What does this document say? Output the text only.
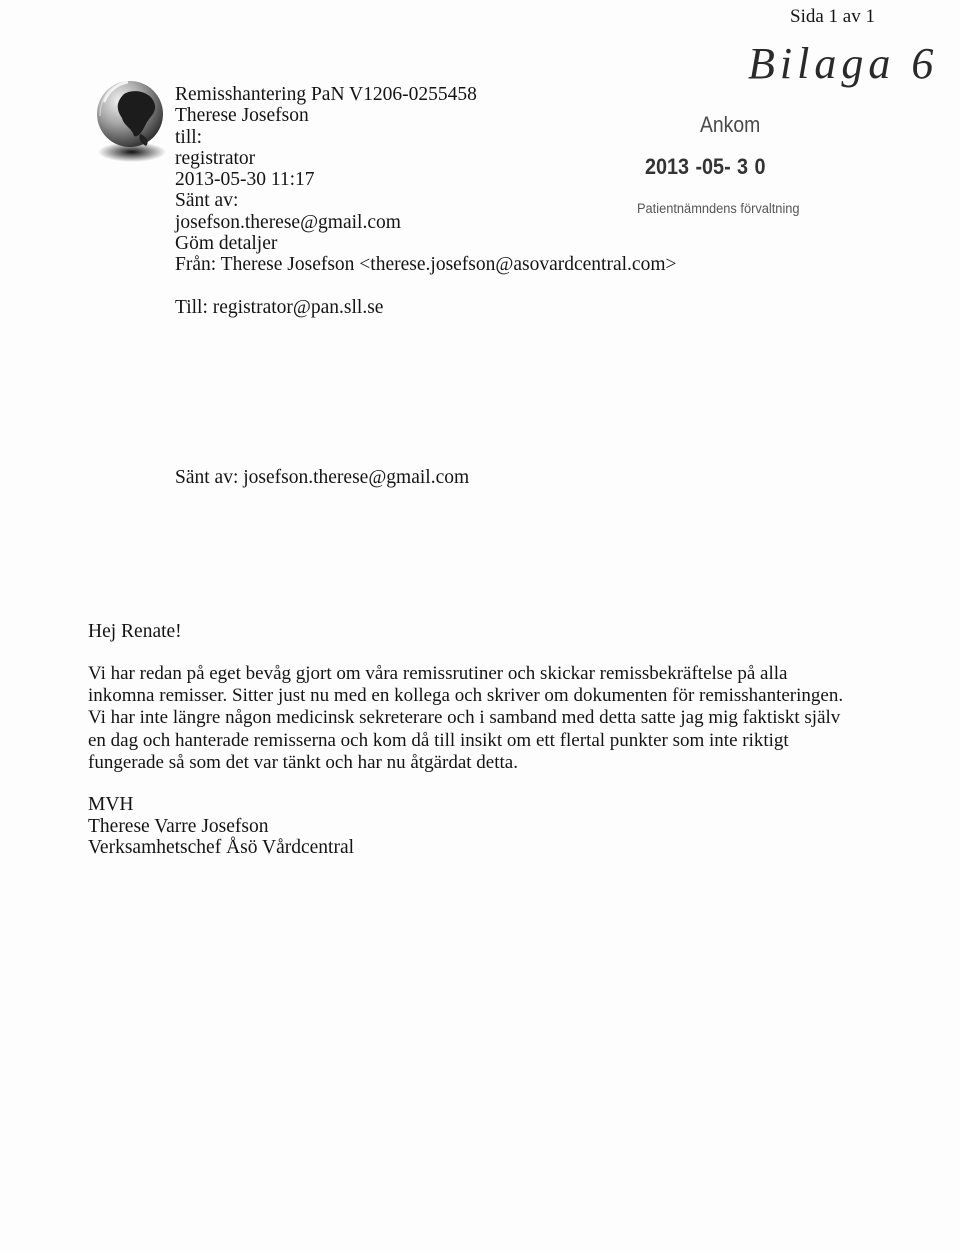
Sida 1 av 1
Bilaga 6
Remisshantering PaN V1206-0255458
Therese Josefson
till:
registrator
2013-05-30 11:17
Sänt av:
josefson.therese@gmail.com
Göm detaljer
Från: Therese Josefson <therese.josefson@asovardcentral.com>
Till: registrator@pan.sll.se
Sänt av: josefson.therese@gmail.com
Ankom
2013 -05- 3 0
Patientnämndens förvaltning
Hej Renate!
Vi har redan på eget bevåg gjort om våra remissrutiner och skickar remissbekräftelse på alla
inkomna remisser. Sitter just nu med en kollega och skriver om dokumenten för remisshanteringen.
Vi har inte längre någon medicinsk sekreterare och i samband med detta satte jag mig faktiskt själv
en dag och hanterade remisserna och kom då till insikt om ett flertal punkter som inte riktigt
fungerade så som det var tänkt och har nu åtgärdat detta.
MVH
Therese Varre Josefson
Verksamhetschef Åsö Vårdcentral
